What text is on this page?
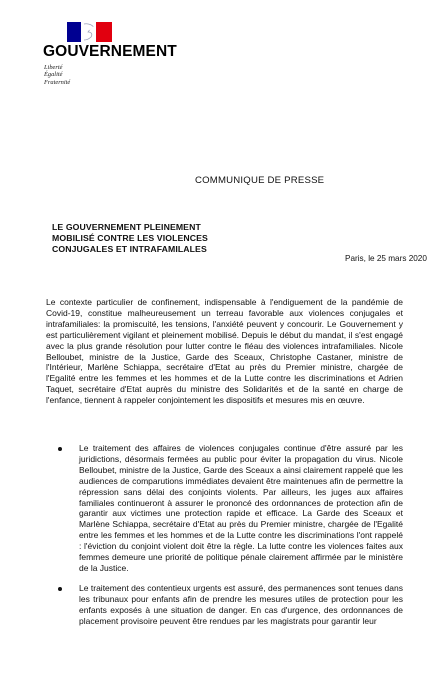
GOUVERNEMENT
Liberté
Égalité
Fraternité
COMMUNIQUE DE PRESSE
LE GOUVERNEMENT PLEINEMENT
MOBILISÉ CONTRE LES VIOLENCES
CONJUGALES ET INTRAFAMILALES
Paris, le 25 mars 2020

Le contexte particulier de confinement, indispensable à l'endiguement de la pandémie de Covid-19, constitue malheureusement un terreau favorable aux violences conjugales et intrafamiliales: la promiscuité, les tensions, l'anxiété peuvent y concourir. Le Gouvernement y est particulièrement vigilant et pleinement mobilisé. Depuis le début du mandat, il s'est engagé avec la plus grande résolution pour lutter contre le fléau des violences intrafamiliales. Nicole Belloubet, ministre de la Justice, Garde des Sceaux, Christophe Castaner, ministre de l'Intérieur, Marlène Schiappa, secrétaire d'Etat au près du Premier ministre, chargée de l'Egalité entre les femmes et les hommes et de la Lutte contre les discriminations et Adrien Taquet, secrétaire d'Etat auprès du ministre des Solidarités et de la santé en charge de l'enfance, tiennent à rappeler conjointement les dispositifs et mesures mis en œuvre.

Le traitement des affaires de violences conjugales continue d'être assuré par les juridictions, désormais fermées au public pour éviter la propagation du virus. Nicole Belloubet, ministre de la Justice, Garde des Sceaux a ainsi clairement rappelé que les audiences de comparutions immédiates devaient être maintenues afin de permettre la répression sans délai des conjoints violents. Par ailleurs, les juges aux affaires familiales continueront à assurer le prononcé des ordonnances de protection afin de garantir aux victimes une protection rapide et efficace. La Garde des Sceaux et Marlène Schiappa, secrétaire d'Etat au près du Premier ministre, chargée de l'Egalité entre les femmes et les hommes et de la Lutte contre les discriminations l'ont rappelé : l'éviction du conjoint violent doit être la règle. La lutte contre les violences faites aux femmes demeure une priorité de politique pénale clairement affirmée par le ministère de la Justice.

Le traitement des contentieux urgents est assuré, des permanences sont tenues dans les tribunaux pour enfants afin de prendre les mesures utiles de protection pour les enfants exposés à une situation de danger. En cas d'urgence, des ordonnances de placement provisoire peuvent être rendues par les magistrats pour garantir leur
